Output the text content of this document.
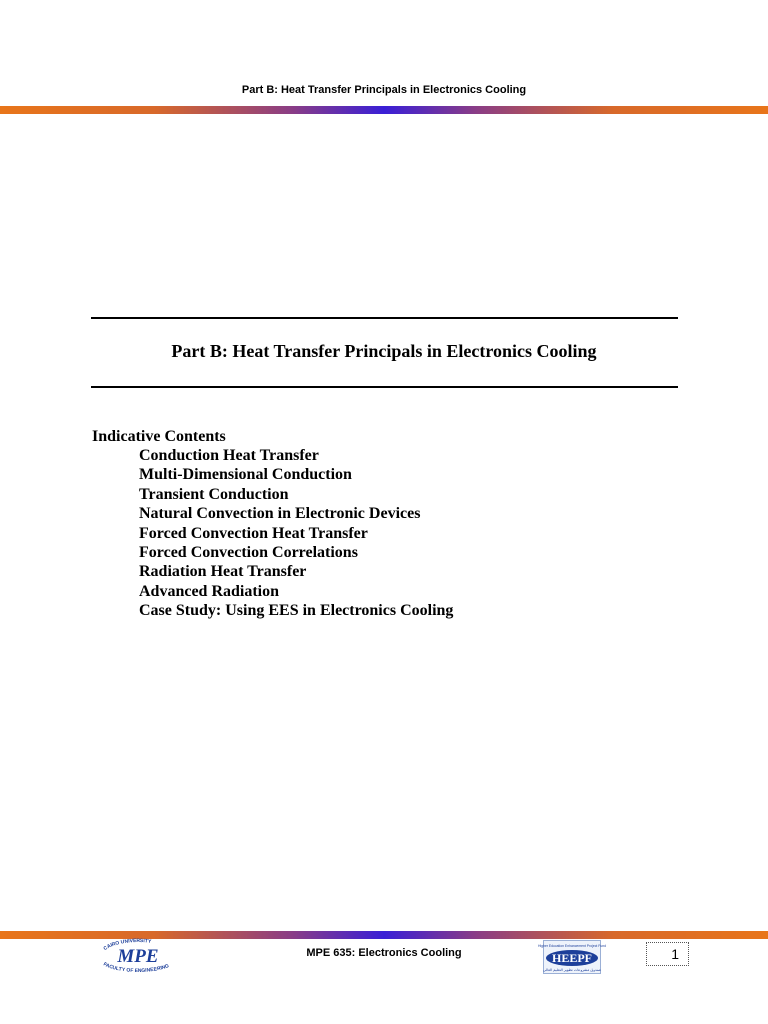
Part B: Heat Transfer Principals in Electronics Cooling
Part B: Heat Transfer Principals in Electronics Cooling

Indicative Contents

Conduction Heat Transfer
Multi-Dimensional Conduction
Transient Conduction
Natural Convection in Electronic Devices
Forced Convection Heat Transfer
Forced Convection Correlations
Radiation Heat Transfer
Advanced Radiation
Case Study: Using EES in Electronics Cooling
CAIRO UNIVERSITY
MPE
FACULTY OF ENGINEERING
MPE 635: Electronics Cooling
Higher Education Enhancement Project Fund
HEEPF
صندوق مشروعات تطوير التعليم العالي
1
